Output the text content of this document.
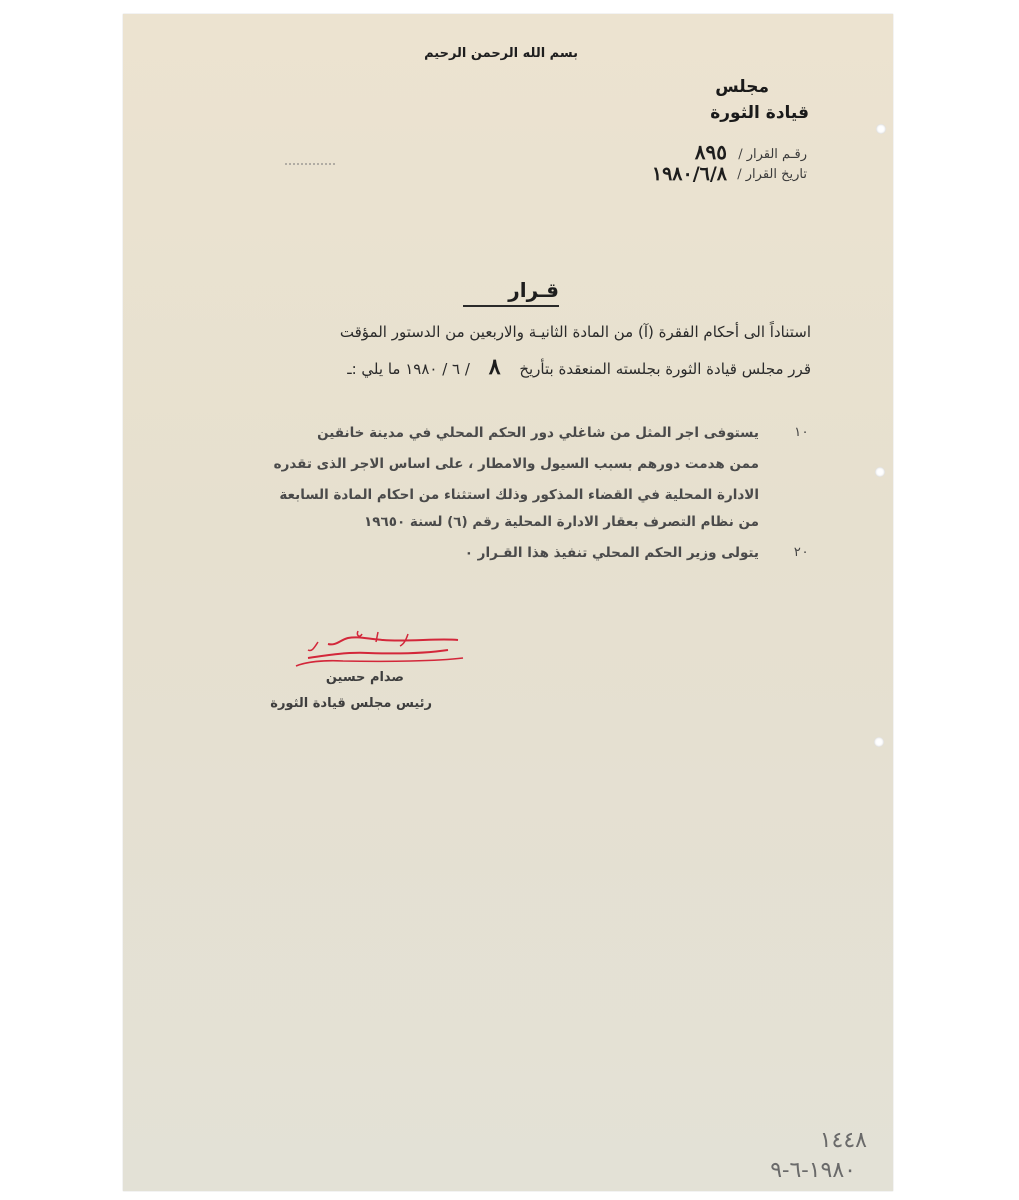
بسم الله الرحمن الرحيم
مجلس
قيادة الثورة
رقـم القرار /
٨٩٥
تاريخ القرار /
١٩٨٠/٦/٨
قـرار
استناداً الى أحكام الفقرة (آ) من المادة الثانيـة والاربعين من الدستور المؤقت
قرر مجلس قيادة الثورة بجلسته المنعقدة بتأريخ ٨ / ٦ / ١٩٨٠ ما يلي :ـ
١٠
يستوفى اجر المثل من شاغلي دور الحكم المحلي في مدينة خانقين
ممن هدمت دورهم بسبب السيول والامطار ، على اساس الاجر الذى تقدره
الادارة المحلية في القضاء المذكور وذلك استثناء من احكام المادة السابعة
من نظام التصرف بعقار الادارة المحلية رقم (٦) لسنة ١٩٦٥٠
٢٠
يتولى وزير الحكم المحلي تنفيذ هذا القـرار ٠
صدام حسين
رئيس مجلس قيادة الثورة
١٤٤٨
١٩٨٠-٦-٩
